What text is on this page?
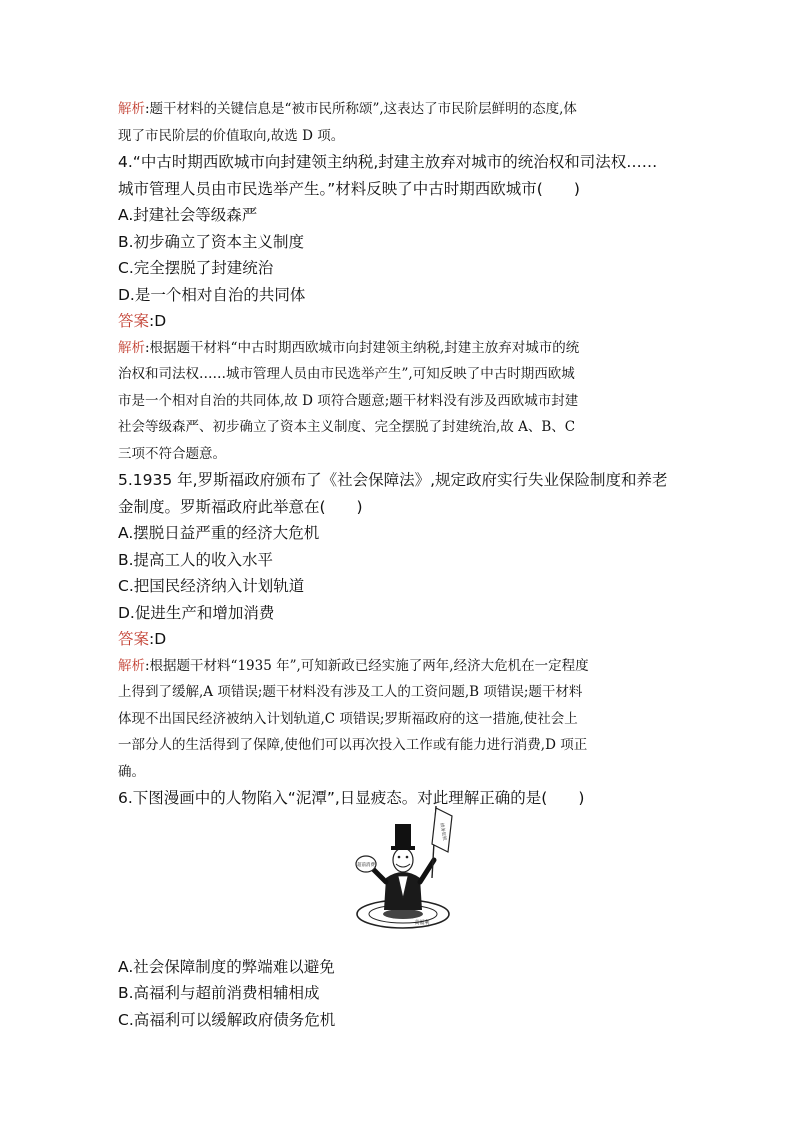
解析:题干材料的关键信息是“被市民所称颂”,这表达了市民阶层鲜明的态度,体
现了市民阶层的价值取向,故选 D 项。
4.“中古时期西欧城市向封建领主纳税,封建主放弃对城市的统治权和司法权……
城市管理人员由市民选举产生。”材料反映了中古时期西欧城市(　　)
A.封建社会等级森严
B.初步确立了资本主义制度
C.完全摆脱了封建统治
D.是一个相对自治的共同体
答案:D
解析:根据题干材料“中古时期西欧城市向封建领主纳税,封建主放弃对城市的统
治权和司法权……城市管理人员由市民选举产生”,可知反映了中古时期西欧城
市是一个相对自治的共同体,故 D 项符合题意;题干材料没有涉及西欧城市封建
社会等级森严、初步确立了资本主义制度、完全摆脱了封建统治,故 A、B、C
三项不符合题意。
5.1935 年,罗斯福政府颁布了《社会保障法》,规定政府实行失业保险制度和养老
金制度。罗斯福政府此举意在(　　)
A.摆脱日益严重的经济大危机
B.提高工人的收入水平
C.把国民经济纳入计划轨道
D.促进生产和增加消费
答案:D
解析:根据题干材料“1935 年”,可知新政已经实施了两年,经济大危机在一定程度
上得到了缓解,A 项错误;题干材料没有涉及工人的工资问题,B 项错误;题干材料
体现不出国民经济被纳入计划轨道,C 项错误;罗斯福政府的这一措施,使社会上
一部分人的生活得到了保障,使他们可以再次投入工作或有能力进行消费,D 项正
确。
6.下图漫画中的人物陷入“泥潭”,日显疲态。对此理解正确的是(　　)
A.社会保障制度的弊端难以避免
B.高福利与超前消费相辅相成
C.高福利可以缓解政府债务危机
超前消费
债务危机
高福利
